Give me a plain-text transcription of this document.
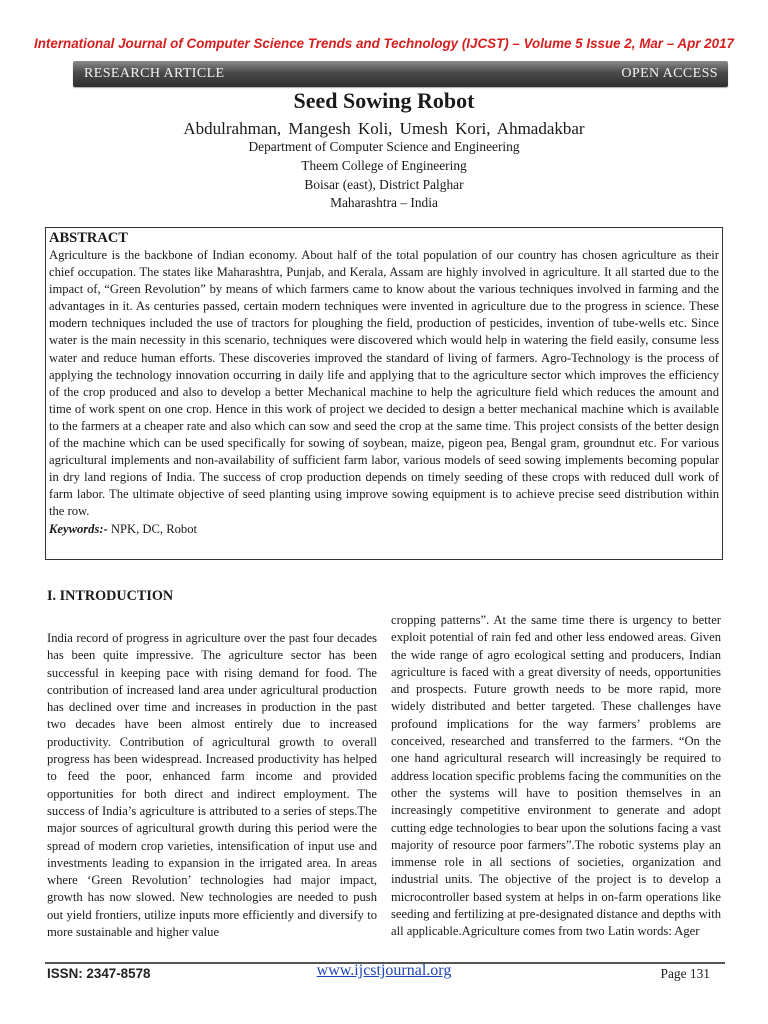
International Journal of Computer Science Trends and Technology (IJCST) – Volume 5 Issue 2, Mar – Apr 2017
RESEARCH ARTICLE	OPEN ACCESS
Seed Sowing Robot
Abdulrahman, Mangesh Koli, Umesh Kori, Ahmadakbar
Department of Computer Science and Engineering
Theem College of Engineering
Boisar (east), District Palghar
Maharashtra – India
ABSTRACT

Agriculture is the backbone of Indian economy. About half of the total population of our country has chosen agriculture as their chief occupation. The states like Maharashtra, Punjab, and Kerala, Assam are highly involved in agriculture. It all started due to the impact of, “Green Revolution” by means of which farmers came to know about the various techniques involved in farming and the advantages in it. As centuries passed, certain modern techniques were invented in agriculture due to the progress in science. These modern techniques included the use of tractors for ploughing the field, production of pesticides, invention of tube-wells etc. Since water is the main necessity in this scenario, techniques were discovered which would help in watering the field easily, consume less water and reduce human efforts. These discoveries improved the standard of living of farmers. Agro-Technology is the process of applying the technology innovation occurring in daily life and applying that to the agriculture sector which improves the efficiency of the crop produced and also to develop a better Mechanical machine to help the agriculture field which reduces the amount and time of work spent on one crop. Hence in this work of project we decided to design a better mechanical machine which is available to the farmers at a cheaper rate and also which can sow and seed the crop at the same time. This project consists of the better design of the machine which can be used specifically for sowing of soybean, maize, pigeon pea, Bengal gram, groundnut etc. For various agricultural implements and non-availability of sufficient farm labor, various models of seed sowing implements becoming popular in dry land regions of India. The success of crop production depends on timely seeding of these crops with reduced dull work of farm labor. The ultimate objective of seed planting using improve sowing equipment is to achieve precise seed distribution within the row.

Keywords:- NPK, DC, Robot
I. INTRODUCTION

India record of progress in agriculture over the past four decades has been quite impressive. The agriculture sector has been successful in keeping pace with rising demand for food. The contribution of increased land area under agricultural production has declined over time and increases in production in the past two decades have been almost entirely due to increased productivity. Contribution of agricultural growth to overall progress has been widespread. Increased productivity has helped to feed the poor, enhanced farm income and provided opportunities for both direct and indirect employment. The success of India’s agriculture is attributed to a series of steps.The major sources of agricultural growth during this period were the spread of modern crop varieties, intensification of input use and investments leading to expansion in the irrigated area. In areas where ‘Green Revolution’ technologies had major impact, growth has now slowed. New technologies are needed to push out yield frontiers, utilize inputs more efficiently and diversify to more sustainable and higher value

cropping patterns”. At the same time there is urgency to better exploit potential of rain fed and other less endowed areas. Given the wide range of agro ecological setting and producers, Indian agriculture is faced with a great diversity of needs, opportunities and prospects. Future growth needs to be more rapid, more widely distributed and better targeted. These challenges have profound implications for the way farmers’ problems are conceived, researched and transferred to the farmers. “On the one hand agricultural research will increasingly be required to address location specific problems facing the communities on the other the systems will have to position themselves in an increasingly competitive environment to generate and adopt cutting edge technologies to bear upon the solutions facing a vast majority of resource poor farmers”.The robotic systems play an immense role in all sections of societies, organization and industrial units. The objective of the project is to develop a microcontroller based system at helps in on-farm operations like seeding and fertilizing at pre-designated distance and depths with all applicable.Agriculture comes from two Latin words: Ager

ISSN: 2347-8578	www.ijcstjournal.org	Page 131
